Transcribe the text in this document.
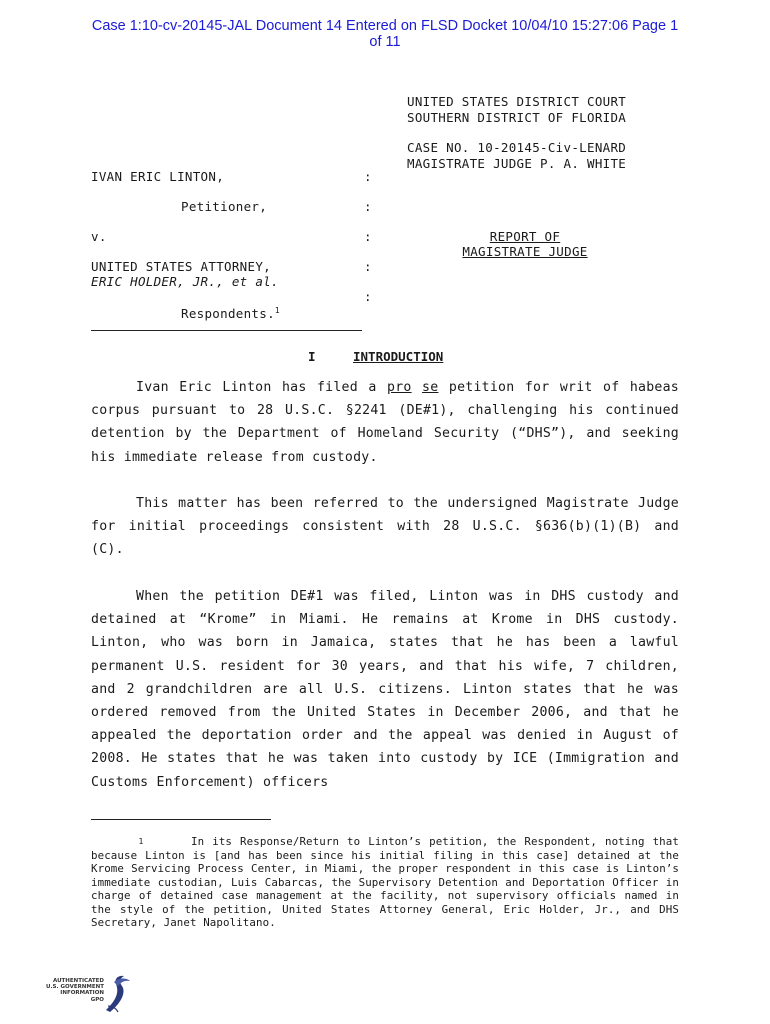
Case 1:10-cv-20145-JAL Document 14 Entered on FLSD Docket 10/04/10 15:27:06 Page 1
of 11
UNITED STATES DISTRICT COURT
SOUTHERN DISTRICT OF FLORIDA
CASE NO. 10-20145-Civ-LENARD
MAGISTRATE JUDGE P. A. WHITE
IVAN ERIC LINTON,
Petitioner,
v.
UNITED STATES ATTORNEY,
ERIC HOLDER, JR., et al.
Respondents.$^1$
:
:
:
:
:
REPORT OF
MAGISTRATE JUDGE
I	INTRODUCTION
Ivan Eric Linton has filed a pro se petition for writ of habeas corpus pursuant to 28 U.S.C. §2241 (DE#1), challenging his continued detention by the Department of Homeland Security (“DHS”), and seeking his immediate release from custody.
This matter has been referred to the undersigned Magistrate Judge for initial proceedings consistent with 28 U.S.C. §636(b)(1)(B) and (C).
When the petition DE#1 was filed, Linton was in DHS custody and detained at “Krome” in Miami. He remains at Krome in DHS custody. Linton, who was born in Jamaica, states that he has been a lawful permanent U.S. resident for 30 years, and that his wife, 7 children, and 2 grandchildren are all U.S. citizens. Linton states that he was ordered removed from the United States in December 2006, and that he appealed the deportation order and the appeal was denied in August of 2008. He states that he was taken into custody by ICE (Immigration and Customs Enforcement) officers
1	In its Response/Return to Linton’s petition, the Respondent, noting that because Linton is [and has been since his initial filing in this case] detained at the Krome Servicing Process Center, in Miami, the proper respondent in this case is Linton’s immediate custodian, Luis Cabarcas, the Supervisory Detention and Deportation Officer in charge of detained case management at the facility, not supervisory officials named in the style of the petition, United States Attorney General, Eric Holder, Jr., and DHS Secretary, Janet Napolitano.
AUTHENTICATED
U.S. GOVERNMENT
INFORMATION
GPO
